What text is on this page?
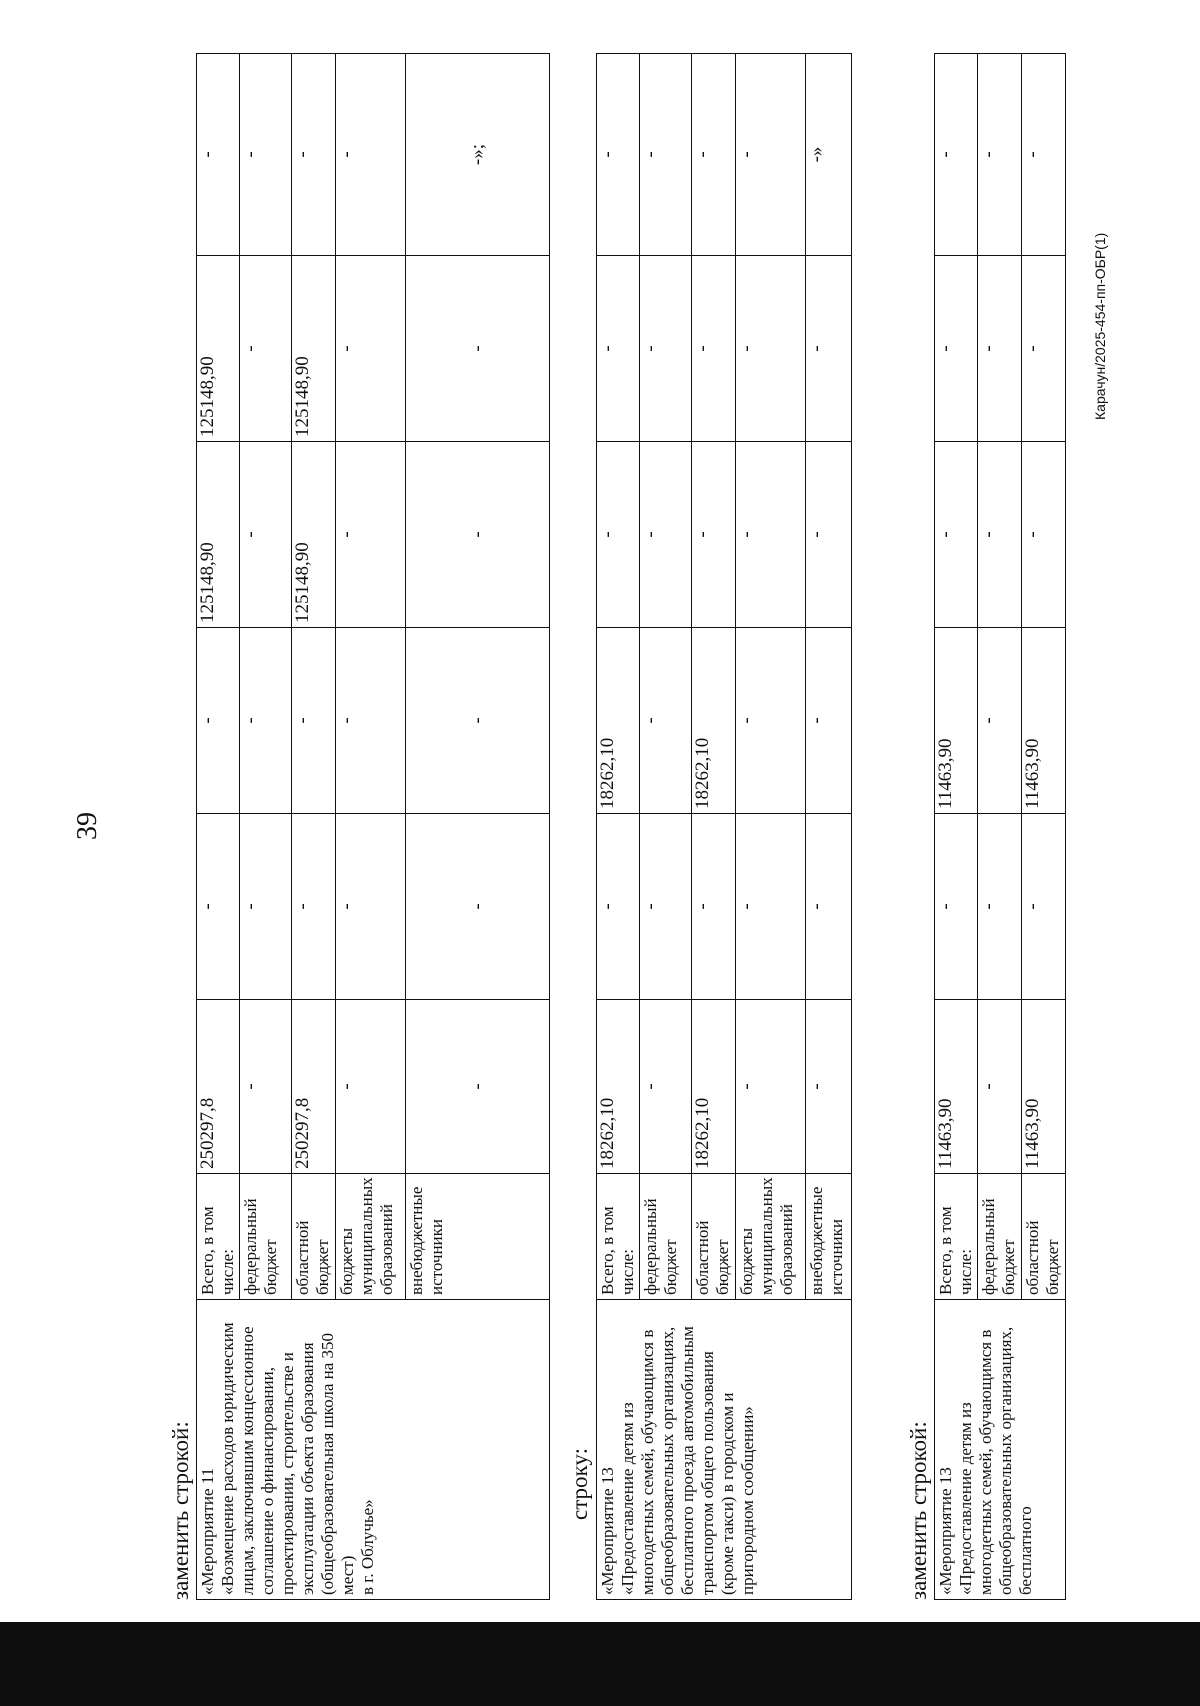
39
заменить строкой: «Мероприятие 11
«Возмещение расходов юридическим лицам, заключившим концессионное соглашение о финансировании, проектировании, строительстве и эксплуатации объекта образования (общеобразовательная школа на 350 мест)
в г. Облучье»	Всего, в том числе:	250297,8	-	-	125148,90	125148,90	-
	федеральный бюджет	-	-	-	-	-	-
	областной бюджет	250297,8	-	-	125148,90	125148,90	-
	бюджеты муниципальных образований	-	-	-	-	-	-
	внебюджетные источники	-	-	-	-	-	-»;
строку:
«Мероприятие 13
«Предоставление детям из многодетных семей, обучающимся в общеобразовательных организациях, бесплатного проезда автомобильным транспортом общего пользования (кроме такси) в городском и пригородном сообщении»	Всего, в том числе:	18262,10	-	18262,10	-	-	-
	федеральный бюджет	-	-	-	-	-	-
	областной бюджет	18262,10	-	18262,10	-	-	-
	бюджеты муниципальных образований	-	-	-	-	-	-
	внебюджетные источники	-	-	-	-	-	-»
заменить строкой: «Мероприятие 13
«Предоставление детям из многодетных семей, обучающимся в общеобразовательных организациях, бесплатного	Всего, в том числе:	11463,90	-	11463,90	-	-	-
	федеральный бюджет	-	-	-	-	-	-
	областной бюджет	11463,90	-	11463,90	-	-	-
Карачун/2025-454-пп-ОБР(1)
